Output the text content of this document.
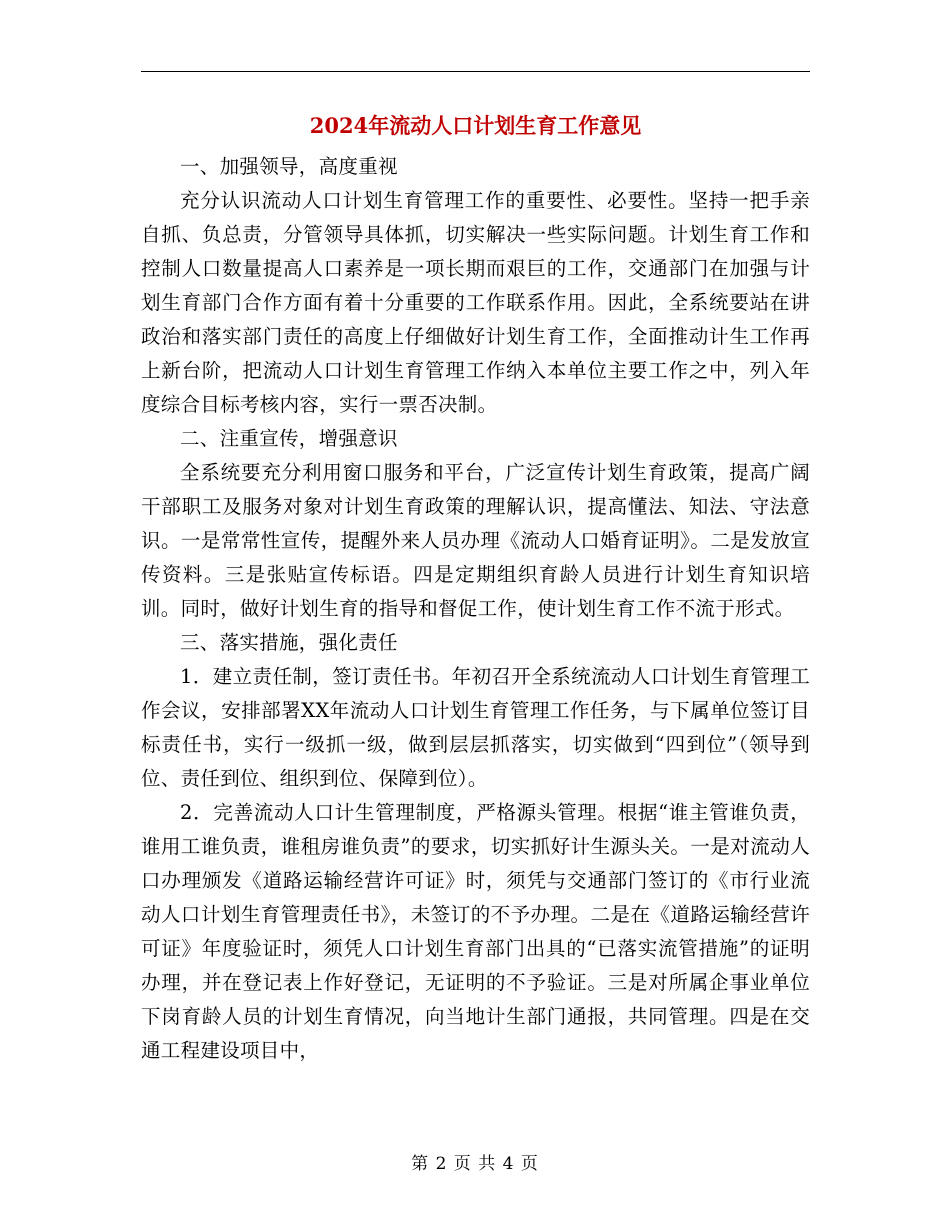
2024年流动人口计划生育工作意见

一、加强领导，高度重视

充分认识流动人口计划生育管理工作的重要性、必要性。坚持一把手亲自抓、负总责，分管领导具体抓，切实解决一些实际问题。计划生育工作和控制人口数量提高人口素养是一项长期而艰巨的工作，交通部门在加强与计划生育部门合作方面有着十分重要的工作联系作用。因此，全系统要站在讲政治和落实部门责任的高度上仔细做好计划生育工作，全面推动计生工作再上新台阶，把流动人口计划生育管理工作纳入本单位主要工作之中，列入年度综合目标考核内容，实行一票否决制。

二、注重宣传，增强意识

全系统要充分利用窗口服务和平台，广泛宣传计划生育政策，提高广阔干部职工及服务对象对计划生育政策的理解认识，提高懂法、知法、守法意识。一是常常性宣传，提醒外来人员办理《流动人口婚育证明》。二是发放宣传资料。三是张贴宣传标语。四是定期组织育龄人员进行计划生育知识培训。同时，做好计划生育的指导和督促工作，使计划生育工作不流于形式。

三、落实措施，强化责任

1．建立责任制，签订责任书。年初召开全系统流动人口计划生育管理工作会议，安排部署XX年流动人口计划生育管理工作任务，与下属单位签订目标责任书，实行一级抓一级，做到层层抓落实，切实做到“四到位”（领导到位、责任到位、组织到位、保障到位）。

2．完善流动人口计生管理制度，严格源头管理。根据“谁主管谁负责，谁用工谁负责，谁租房谁负责”的要求，切实抓好计生源头关。一是对流动人口办理颁发《道路运输经营许可证》时，须凭与交通部门签订的《市行业流动人口计划生育管理责任书》，未签订的不予办理。二是在《道路运输经营许可证》年度验证时，须凭人口计划生育部门出具的“已落实流管措施”的证明办理，并在登记表上作好登记，无证明的不予验证。三是对所属企事业单位下岗育龄人员的计划生育情况，向当地计生部门通报，共同管理。四是在交通工程建设项目中，

第 2 页 共 4 页
